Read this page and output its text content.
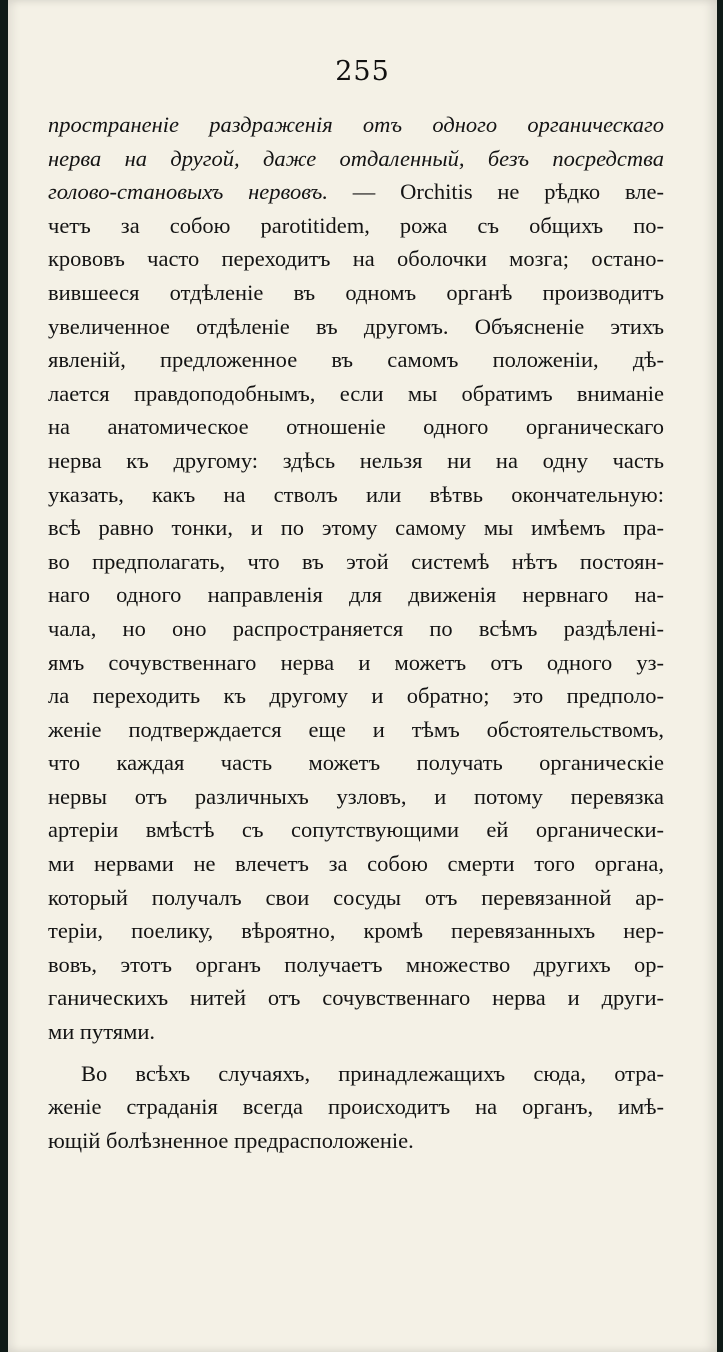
255
пространеніе раздраженія отъ одного органическаго
нерва на другой, даже отдаленный, безъ посредства
голово-становыхъ нервовъ. — Orchitis не рѣдко вле-
четъ за собою parotitidem, рожа съ общихъ по-
крововъ часто переходитъ на оболочки мозга; остано-
вившееся отдѣленіе въ одномъ органѣ производитъ
увеличенное отдѣленіе въ другомъ. Объясненіе этихъ
явленій, предложенное въ самомъ положеніи, дѣ-
лается правдоподобнымъ, если мы обратимъ вниманіе
на анатомическое отношеніе одного органическаго
нерва къ другому: здѣсь нельзя ни на одну часть
указать, какъ на стволъ или вѣтвь окончательную:
всѣ равно тонки, и по этому самому мы имѣемъ пра-
во предполагать, что въ этой системѣ нѣтъ постоян-
наго одного направленія для движенія нервнаго на-
чала, но оно распространяется по всѣмъ раздѣлені-
ямъ сочувственнаго нерва и можетъ отъ одного уз-
ла переходить къ другому и обратно; это предполо-
женіе подтверждается еще и тѣмъ обстоятельствомъ,
что каждая часть можетъ получать органическіе
нервы отъ различныхъ узловъ, и потому перевязка
артеріи вмѣстѣ съ сопутствующими ей органически-
ми нервами не влечетъ за собою смерти того органа,
который получалъ свои сосуды отъ перевязанной ар-
теріи, поелику, вѣроятно, кромѣ перевязанныхъ нер-
вовъ, этотъ органъ получаетъ множество другихъ ор-
ганическихъ нитей отъ сочувственнаго нерва и други-
ми путями.
Во всѣхъ случаяхъ, принадлежащихъ сюда, отра-
женіе страданія всегда происходитъ на органъ, имѣ-
ющій болѣзненное предрасположеніе.
